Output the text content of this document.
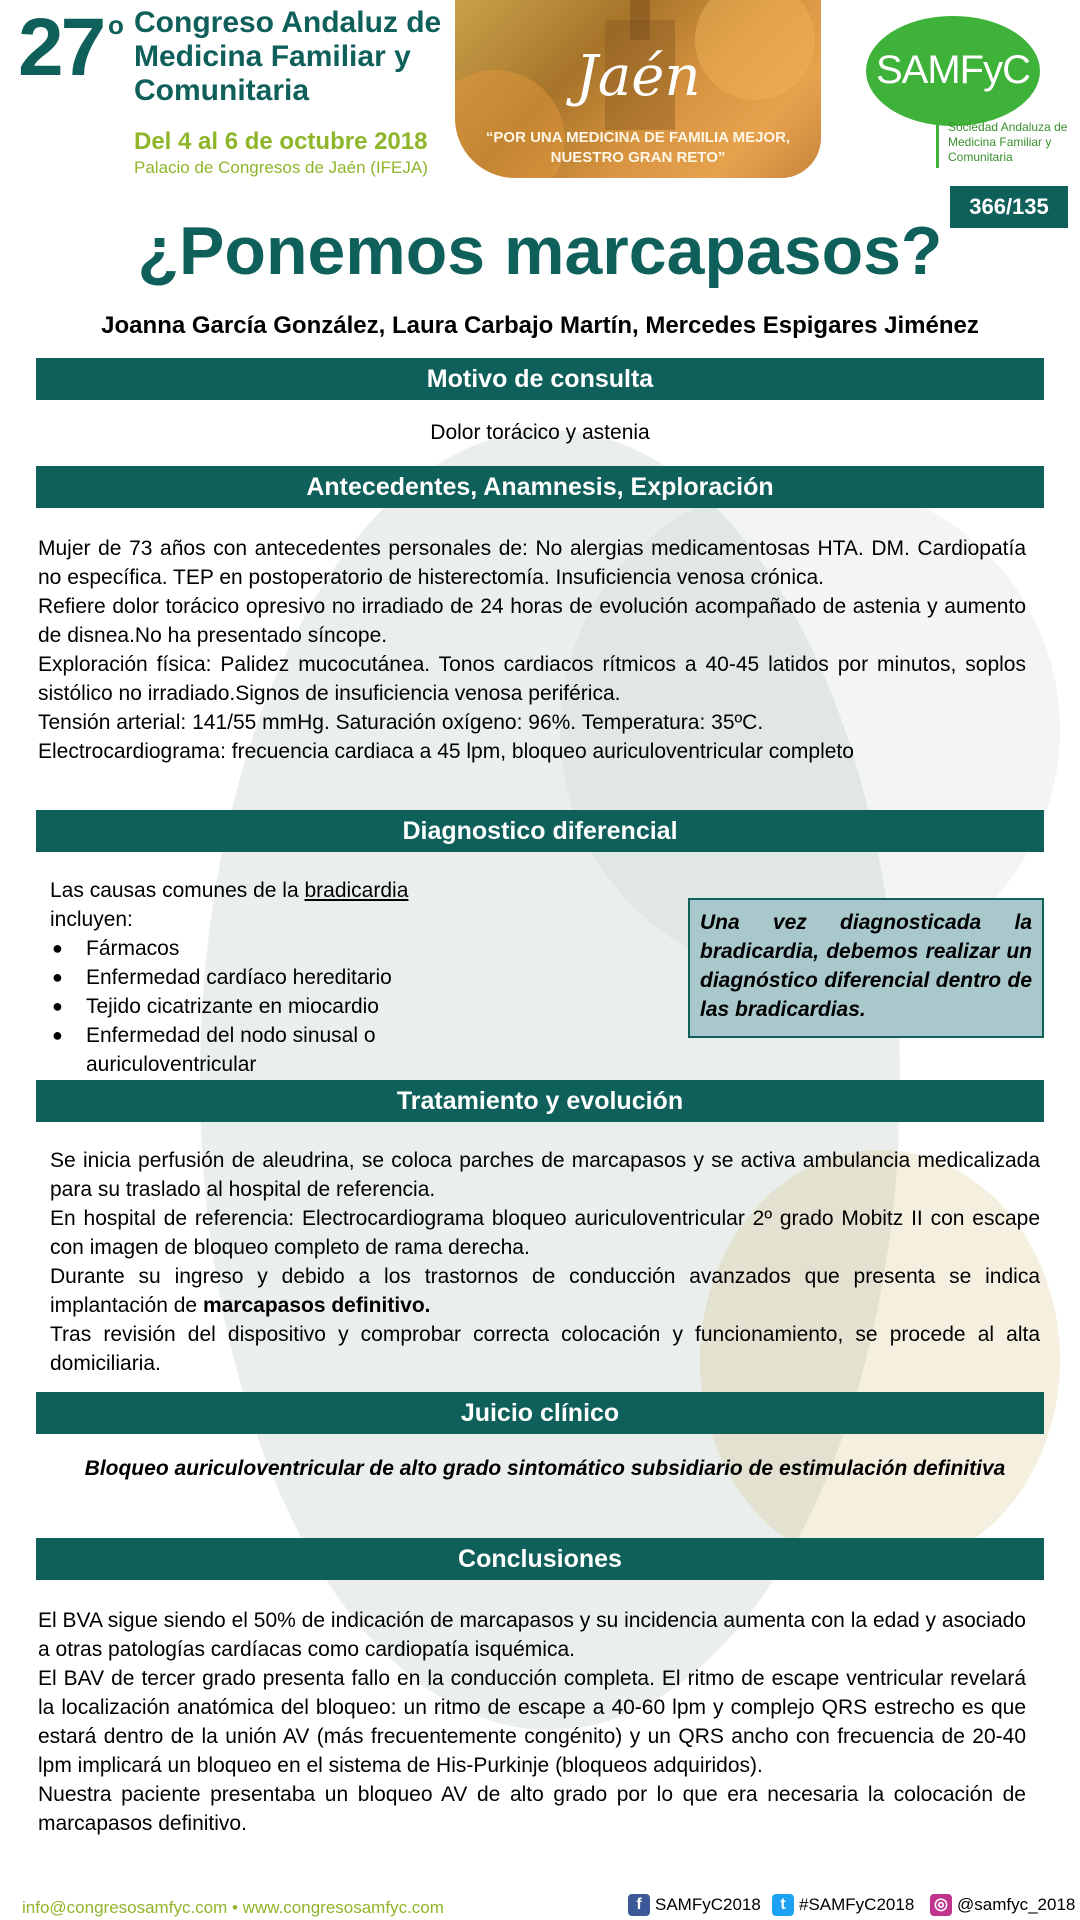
27 o Congreso Andaluz de Medicina Familiar y Comunitaria
Del 4 al 6 de octubre 2018
Palacio de Congresos de Jaén (IFEJA)
Jaén
“POR UNA MEDICINA DE FAMILIA MEJOR,
NUESTRO GRAN RETO”
SAMFyC
Sociedad Andaluza de Medicina Familiar y Comunitaria
366/135
¿Ponemos marcapasos?
Joanna García González, Laura Carbajo Martín, Mercedes Espigares Jiménez
Motivo de consulta
Dolor torácico y astenia
Antecedentes, Anamnesis, Exploración

Mujer de 73 años con antecedentes personales de: No alergias medicamentosas HTA. DM. Cardiopatía no específica. TEP en postoperatorio de histerectomía. Insuficiencia venosa crónica.

Refiere dolor torácico opresivo no irradiado de 24 horas de evolución acompañado de astenia y aumento de disnea.No ha presentado síncope.

Exploración física: Palidez mucocutánea. Tonos cardiacos rítmicos a 40-45 latidos por minutos, soplos sistólico no irradiado.Signos de insuficiencia venosa periférica.

Tensión arterial: 141/55 mmHg. Saturación oxígeno: 96%. Temperatura: 35ºC.

Electrocardiograma: frecuencia cardiaca a 45 lpm, bloqueo auriculoventricular completo

Diagnostico diferencial
Las causas comunes de la bradicardia incluyen:
● Fármacos
● Enfermedad cardíaco hereditario
● Tejido cicatrizante en miocardio
● Enfermedad del nodo sinusal o auriculoventricular
●
Una vez diagnosticada la bradicardia, debemos realizar un diagnóstico diferencial dentro de las bradicardias.
Tratamiento y evolución

Se inicia perfusión de aleudrina, se coloca parches de marcapasos y se activa ambulancia medicalizada para su traslado al hospital de referencia.

En hospital de referencia: Electrocardiograma bloqueo auriculoventricular 2º grado Mobitz II con escape con imagen de bloqueo completo de rama derecha.

Durante su ingreso y debido a los trastornos de conducción avanzados que presenta se indica implantación de marcapasos definitivo.

Tras revisión del dispositivo y comprobar correcta colocación y funcionamiento, se procede al alta domiciliaria.

Juicio clínico
Bloqueo auriculoventricular de alto grado sintomático subsidiario de estimulación definitiva
Conclusiones

El BVA sigue siendo el 50% de indicación de marcapasos y su incidencia aumenta con la edad y asociado a otras patologías cardíacas como cardiopatía isquémica.

El BAV de tercer grado presenta fallo en la conducción completa. El ritmo de escape ventricular revelará la localización anatómica del bloqueo: un ritmo de escape a 40-60 lpm y complejo QRS estrecho es que estará dentro de la unión AV (más frecuentemente congénito) y un QRS ancho con frecuencia de 20-40 lpm implicará un bloqueo en el sistema de His-Purkinje (bloqueos adquiridos).

Nuestra paciente presentaba un bloqueo AV de alto grado por lo que era necesaria la colocación de marcapasos definitivo.

info@congresosamfyc.com • www.congresosamfyc.com	f SAMFyC2018	t #SAMFyC2018 ◎ @samfyc_2018
